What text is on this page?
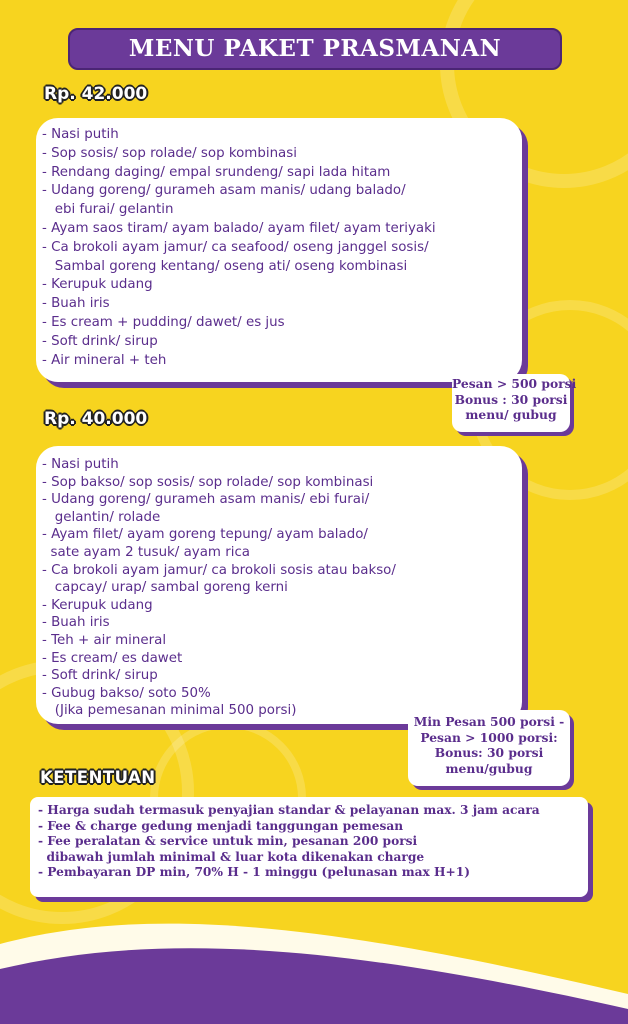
MENU PAKET PRASMANAN
Rp. 42.000
- Nasi putih
- Sop sosis/ sop rolade/ sop kombinasi
- Rendang daging/ empal srundeng/ sapi lada hitam
- Udang goreng/ gurameh asam manis/ udang balado/
ebi furai/ gelantin
- Ayam saos tiram/ ayam balado/ ayam filet/ ayam teriyaki
- Ca brokoli ayam jamur/ ca seafood/ oseng janggel sosis/
Sambal goreng kentang/ oseng ati/ oseng kombinasi
- Kerupuk udang
- Buah iris
- Es cream + pudding/ dawet/ es jus
- Soft drink/ sirup
- Air mineral + teh
Pesan > 500 porsi
Bonus : 30 porsi
menu/ gubug
Rp. 40.000
- Nasi putih
- Sop bakso/ sop sosis/ sop rolade/ sop kombinasi
- Udang goreng/ gurameh asam manis/ ebi furai/
gelantin/ rolade
- Ayam filet/ ayam goreng tepung/ ayam balado/
sate ayam 2 tusuk/ ayam rica
- Ca brokoli ayam jamur/ ca brokoli sosis atau bakso/
capcay/ urap/ sambal goreng kerni
- Kerupuk udang
- Buah iris
- Teh + air mineral
- Es cream/ es dawet
- Soft drink/ sirup
- Gubug bakso/ soto 50%
(Jika pemesanan minimal 500 porsi)
Min Pesan 500 porsi -
Pesan > 1000 porsi:
Bonus: 30 porsi
menu/gubug
KETENTUAN
- Harga sudah termasuk penyajian standar & pelayanan max. 3 jam acara
- Fee & charge gedung menjadi tanggungan pemesan
- Fee peralatan & service untuk min, pesanan 200 porsi
dibawah jumlah minimal & luar kota dikenakan charge
- Pembayaran DP min, 70% H - 1 minggu (pelunasan max H+1)
